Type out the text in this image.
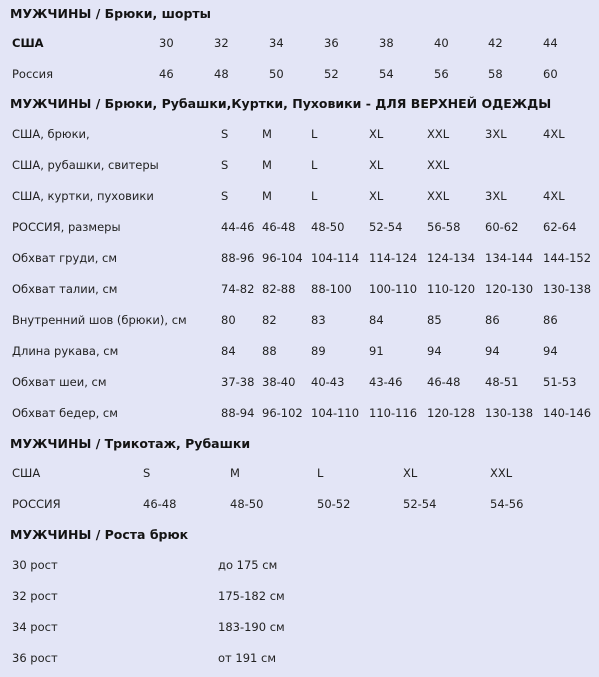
МУЖЧИНЫ / Брюки, шорты
США	30	32	34	36	38	40	42	44
Россия	46	48	50	52	54	56	58	60
МУЖЧИНЫ / Брюки, Рубашки,Куртки, Пуховики - ДЛЯ ВЕРХНЕЙ ОДЕЖДЫ
США, брюки,	S	M	L	XL	XXL	3XL	4XL
США, рубашки, свитеры	S	M	L	XL	XXL
США, куртки, пуховики	S	M	L	XL	XXL	3XL	4XL
РОССИЯ, размеры	44-46 46-48 48-50 52-54 56-58 60-62 62-64
Обхват груди, см	88-96 96-104 104-114 114-124 124-134 134-144 144-152
Обхват талии, см	74-82 82-88 88-100 100-110 110-120 120-130 130-138
Внутренний шов (брюки), см	80 82	83	84	85	86	86
Длина рукава, см	84 88	89	91	94	94	94
Обхват шеи, см	37-38 38-40 40-43 43-46 46-48 48-51 51-53
Обхват бедер, см	88-94 96-102 104-110 110-116 120-128 130-138 140-146
МУЖЧИНЫ / Трикотаж, Рубашки
США	S	M	L	XL	XXL
РОССИЯ	46-48	48-50	50-52	52-54	54-56
МУЖЧИНЫ / Роста брюк
30 рост	до 175 см
32 рост	175-182 см
34 рост	183-190 см
36 рост	от 191 см
